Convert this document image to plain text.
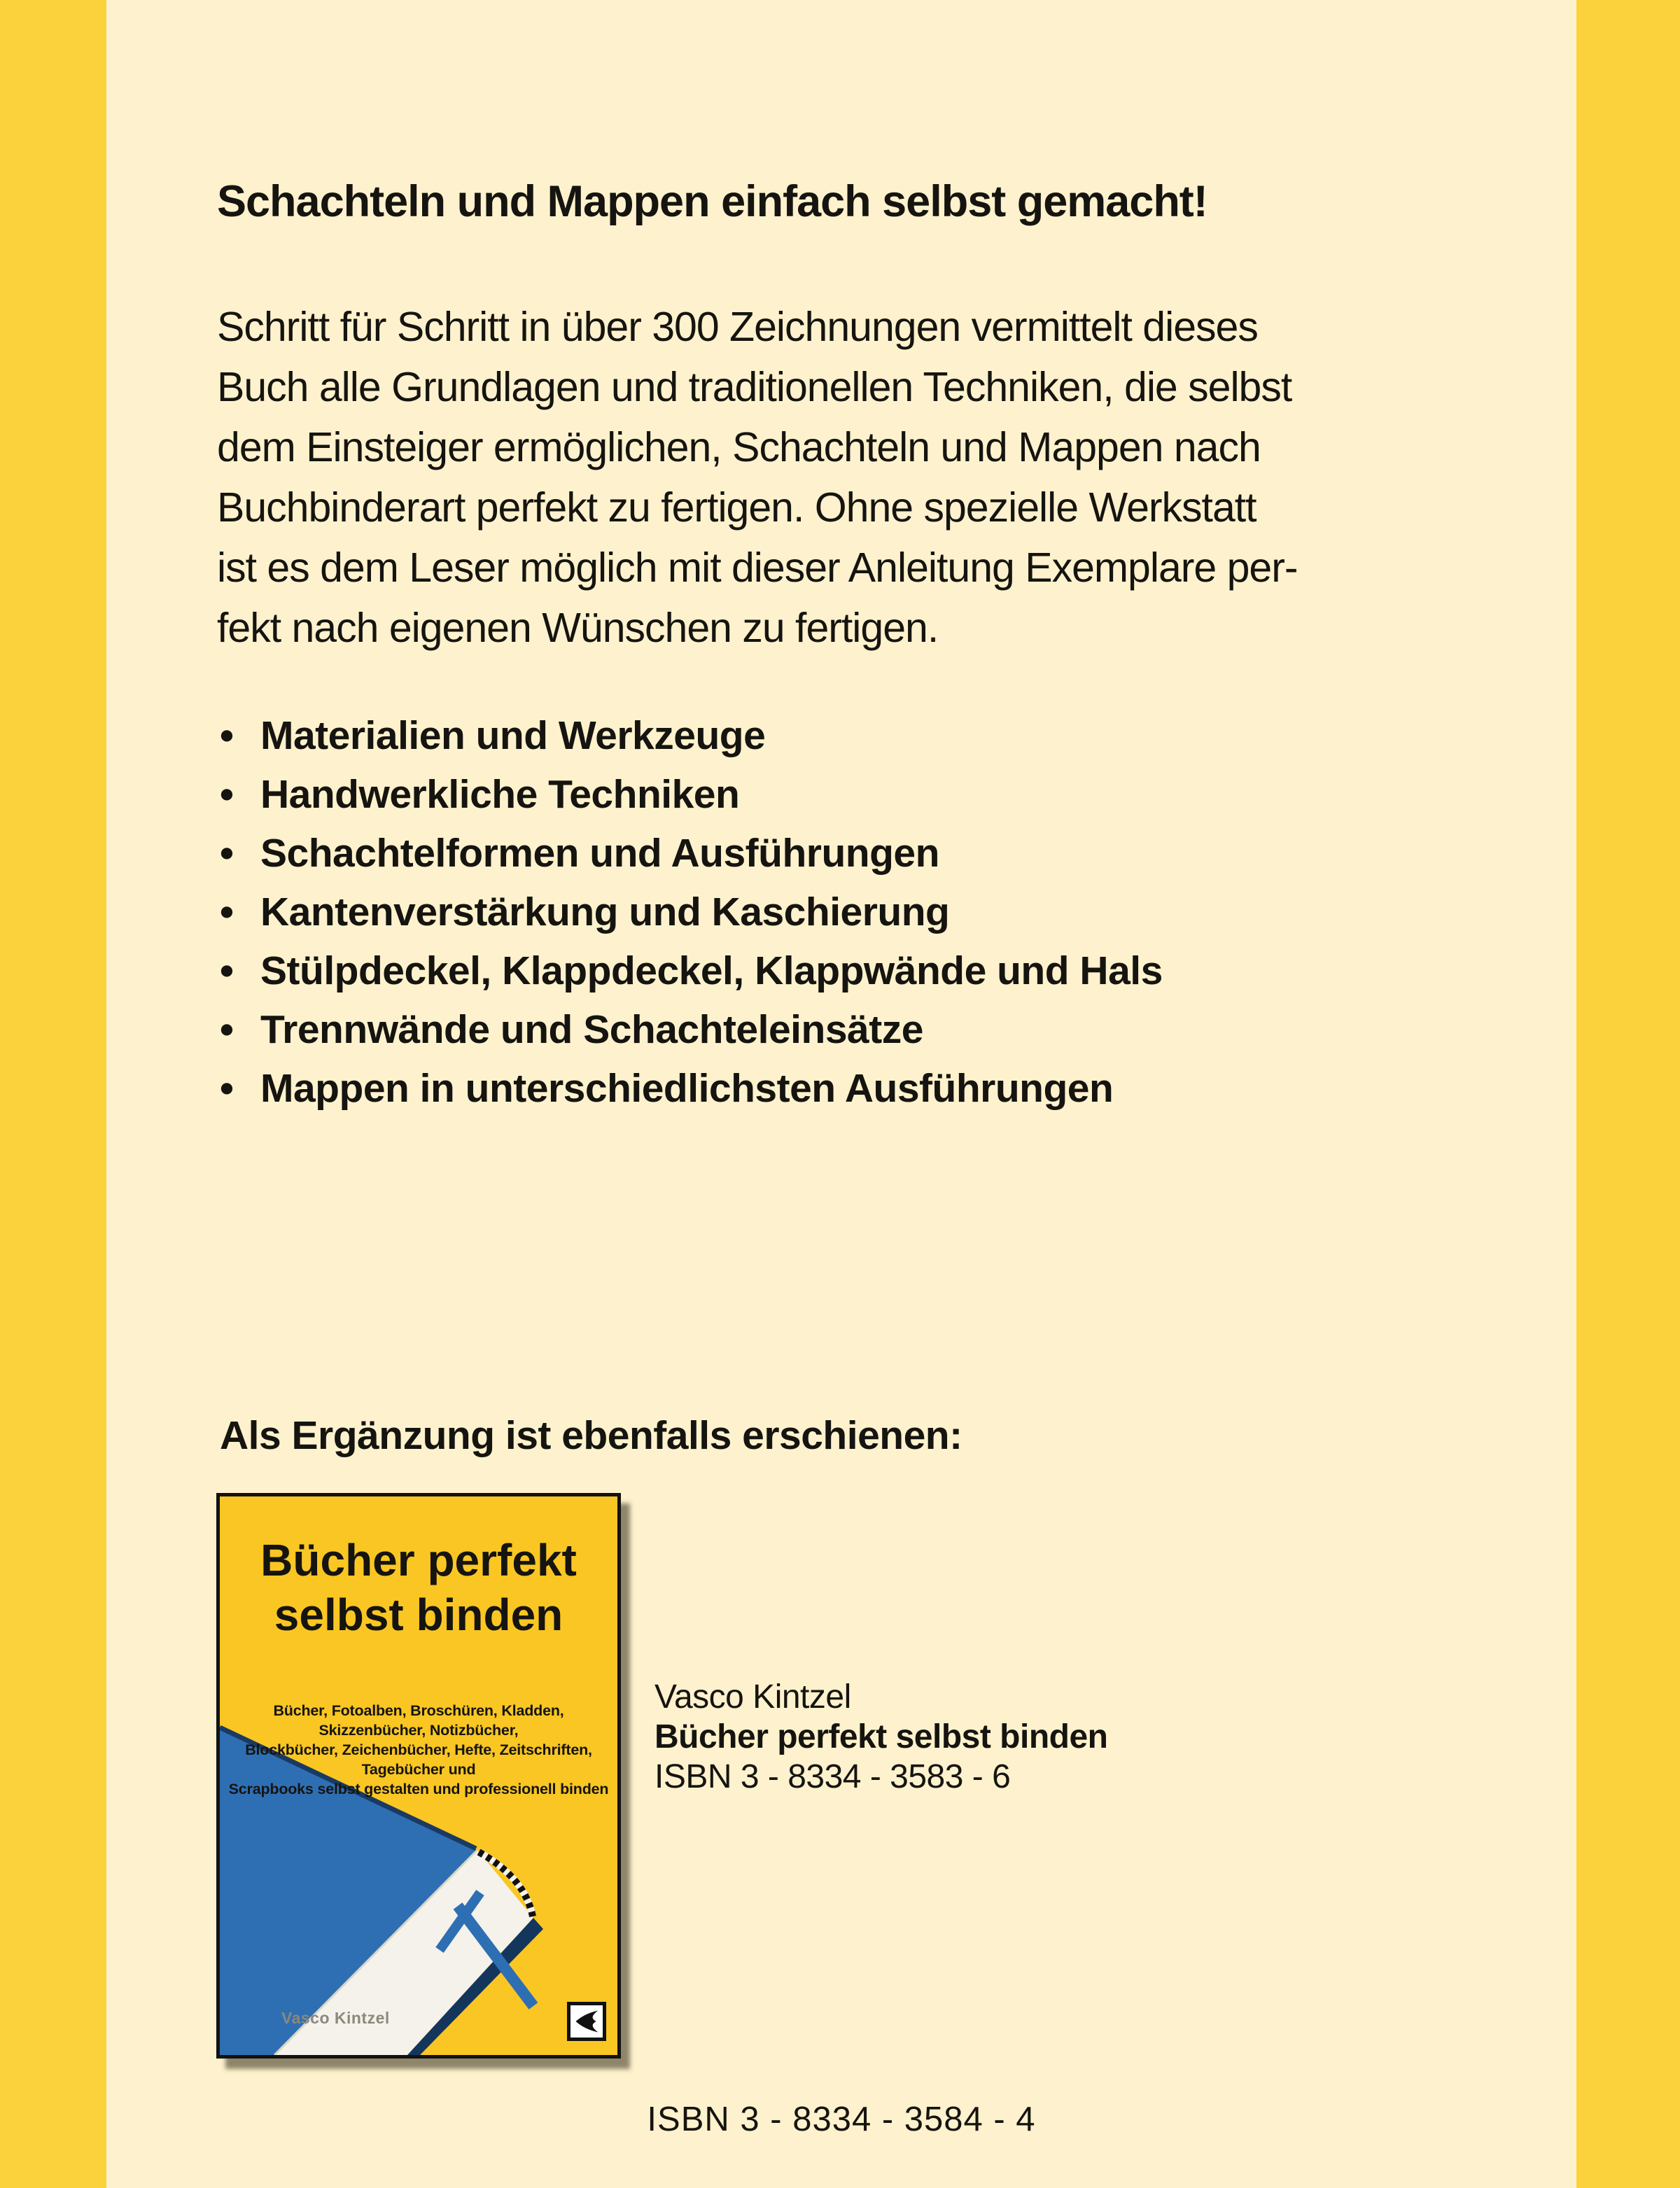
Schachteln und Mappen einfach selbst gemacht!
Schritt für Schritt in über 300 Zeichnungen vermittelt dieses
Buch alle Grundlagen und traditionellen Techniken, die selbst
dem Einsteiger ermöglichen, Schachteln und Mappen nach
Buchbinderart perfekt zu fertigen. Ohne spezielle Werkstatt
ist es dem Leser möglich mit dieser Anleitung Exemplare per-
fekt nach eigenen Wünschen zu fertigen.
• Materialien und Werkzeuge
• Handwerkliche Techniken
• Schachtelformen und Ausführungen
• Kantenverstärkung und Kaschierung
• Stülpdeckel, Klappdeckel, Klappwände und Hals
• Trennwände und Schachteleinsätze
• Mappen in unterschiedlichsten Ausführungen
Als Ergänzung ist ebenfalls erschienen:
Bücher perfekt
selbst binden
Bücher, Fotoalben, Broschüren, Kladden, Skizzenbücher, Notizbücher,
Blockbücher, Zeichenbücher, Hefte, Zeitschriften, Tagebücher und
Scrapbooks selbst gestalten und professionell binden
Vasco Kintzel
Vasco Kintzel
Bücher perfekt selbst binden
ISBN 3 - 8334 - 3583 - 6
ISBN 3 - 8334 - 3584 - 4
